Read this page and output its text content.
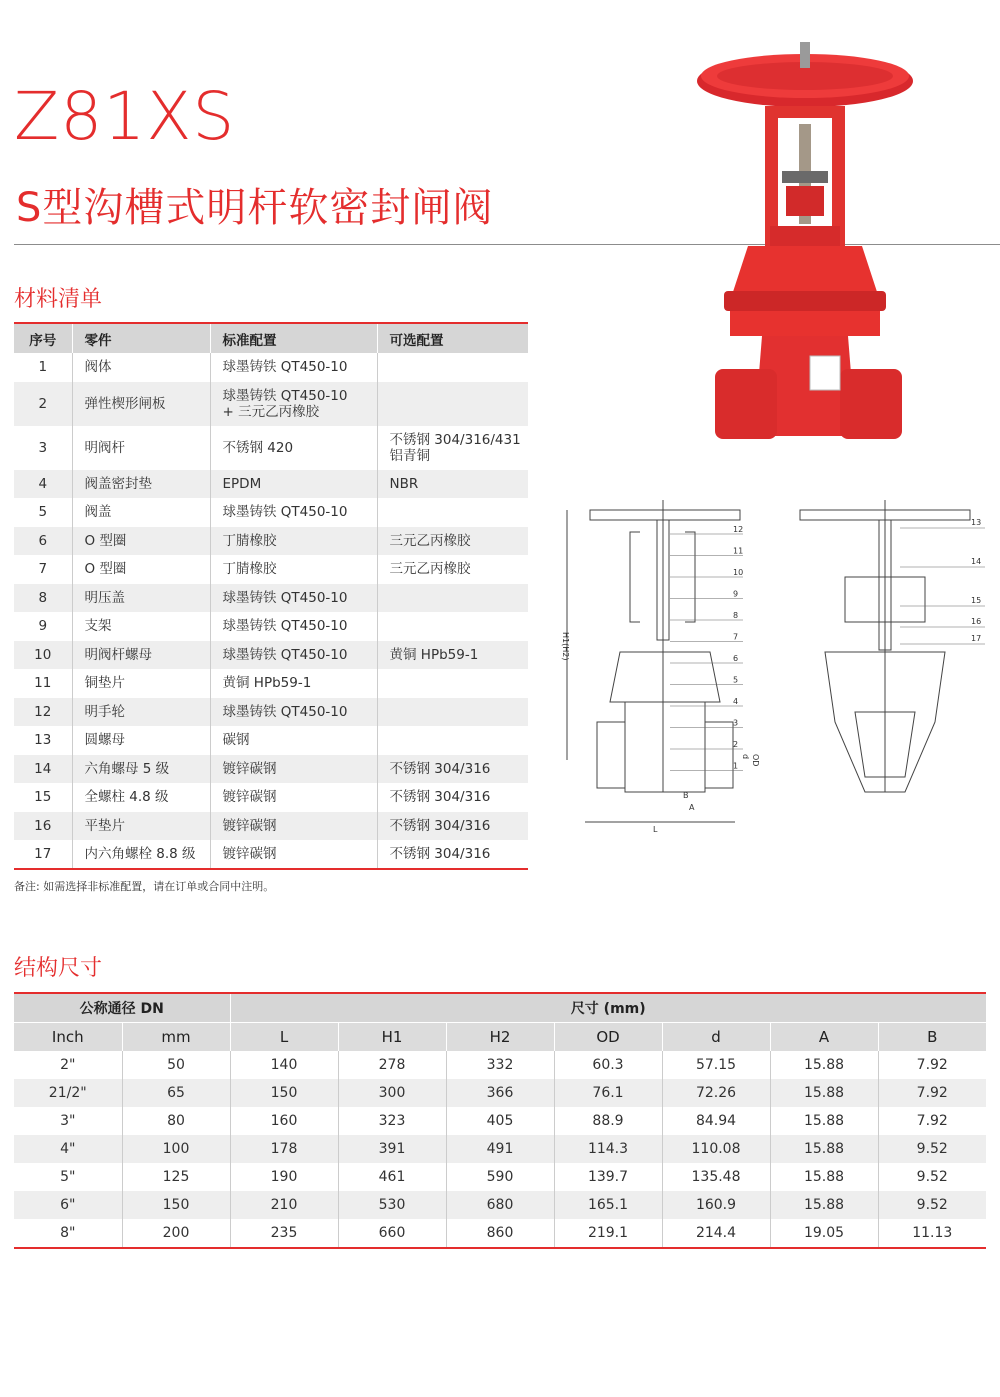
Z81XS
S型沟槽式明杆软密封闸阀
H1(H2)
L
A
B
d OD
12
11
10
9
8
7
6
5
4
3
2
1
13
14
15
16
17
材料清单
序号	零件	标准配置	可选配置
1	阀体	球墨铸铁 QT450-10	
2	弹性楔形闸板	球墨铸铁 QT450-10
+ 三元乙丙橡胶	
3	明阀杆	不锈钢 420	不锈钢 304/316/431
铝青铜
4	阀盖密封垫	EPDM	NBR
5	阀盖	球墨铸铁 QT450-10	
6	O 型圈	丁腈橡胶	三元乙丙橡胶
7	O 型圈	丁腈橡胶	三元乙丙橡胶
8	明压盖	球墨铸铁 QT450-10	
9	支架	球墨铸铁 QT450-10	
10	明阀杆螺母	球墨铸铁 QT450-10	黄铜 HPb59-1
11	铜垫片	黄铜 HPb59-1	
12	明手轮	球墨铸铁 QT450-10	
13	圆螺母	碳钢	
14	六角螺母 5 级	镀锌碳钢	不锈钢 304/316
15	全螺柱 4.8 级	镀锌碳钢	不锈钢 304/316
16	平垫片	镀锌碳钢	不锈钢 304/316
17	内六角螺栓 8.8 级	镀锌碳钢	不锈钢 304/316
备注: 如需选择非标准配置，请在订单或合同中注明。
结构尺寸
公称通径 DN		尺寸 (mm)						
Inch	mm	L	H1	H2	OD	d	A	B
2"	50	140	278	332	60.3	57.15	15.88	7.92
21/2"	65	150	300	366	76.1	72.26	15.88	7.92
3"	80	160	323	405	88.9	84.94	15.88	7.92
4"	100	178	391	491	114.3	110.08	15.88	9.52
5"	125	190	461	590	139.7	135.48	15.88	9.52
6"	150	210	530	680	165.1	160.9	15.88	9.52
8"	200	235	660	860	219.1	214.4	19.05	11.13
